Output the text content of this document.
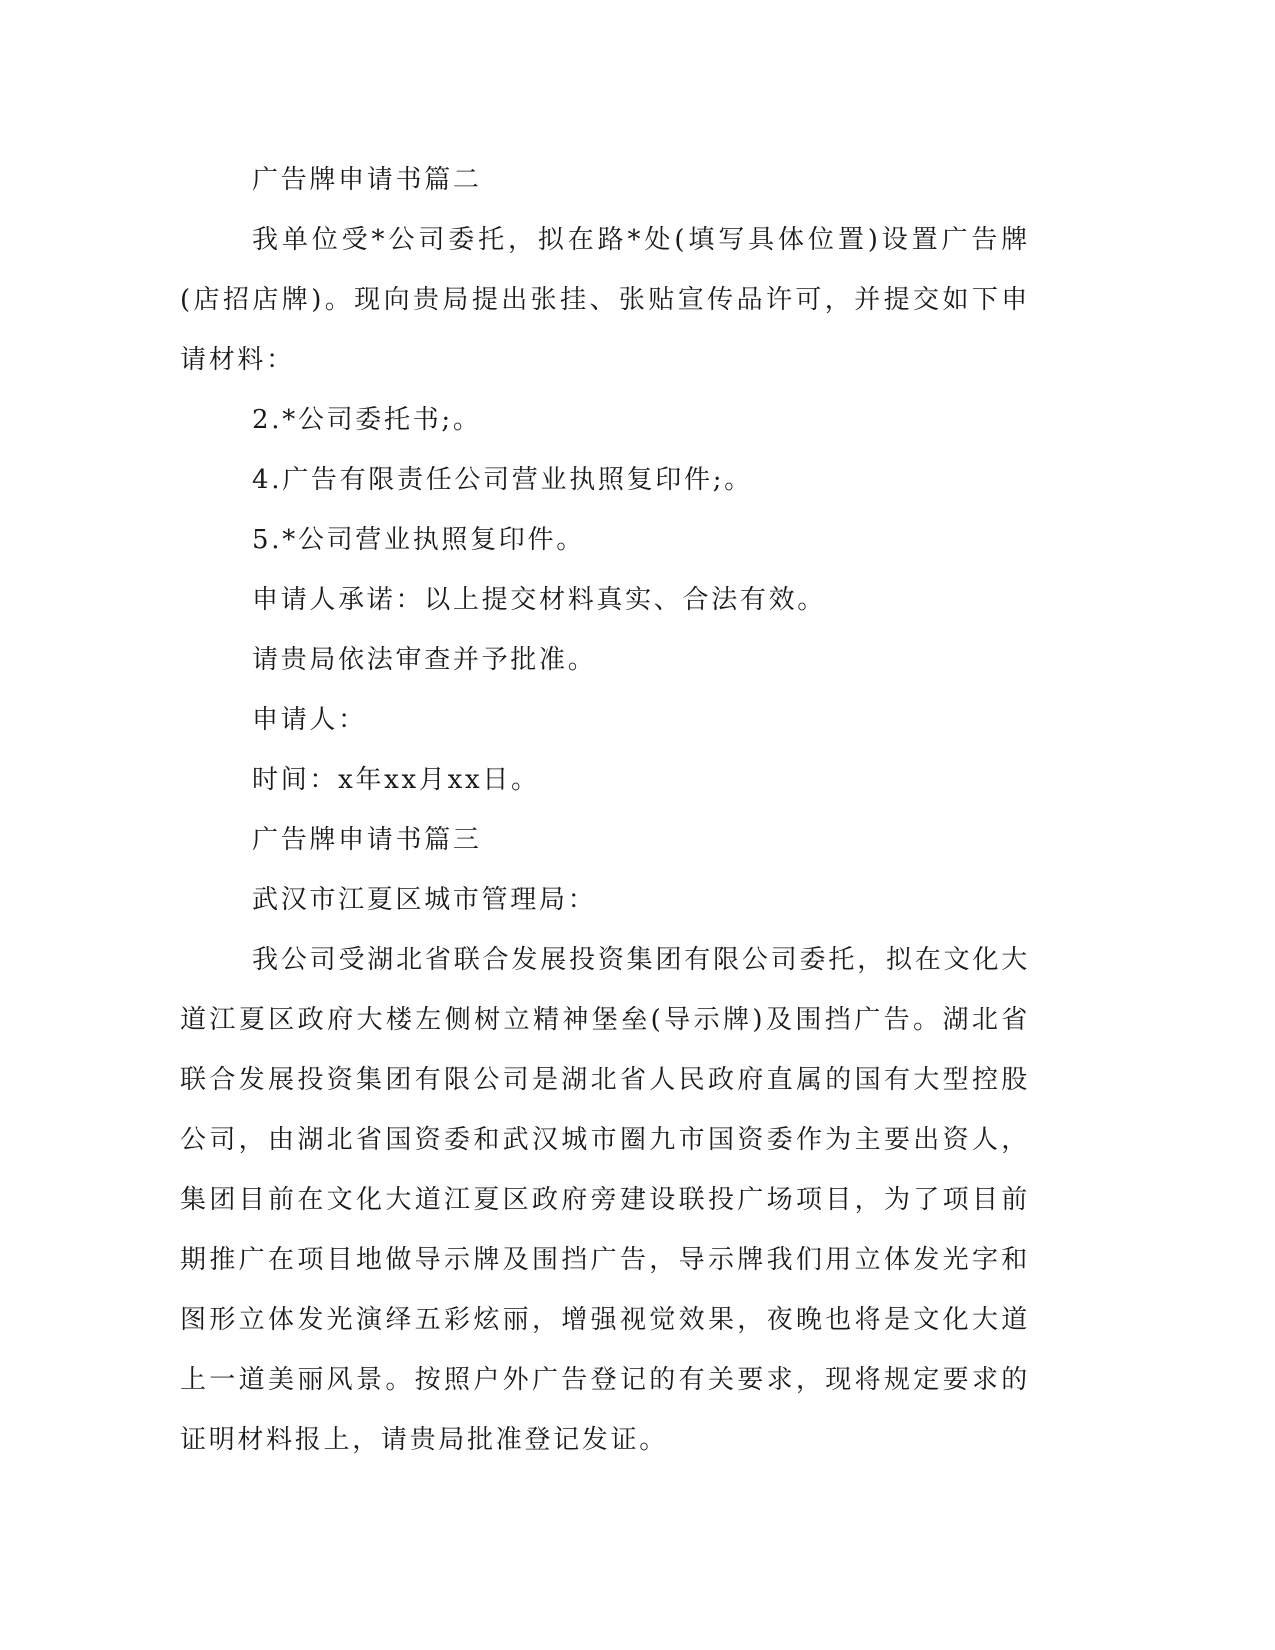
广告牌申请书篇二

我单位受*公司委托，拟在路*处(填写具体位置)设置广告牌(店招店牌)。现向贵局提出张挂、张贴宣传品许可，并提交如下申请材料：

2.*公司委托书;。

4.广告有限责任公司营业执照复印件;。

5.*公司营业执照复印件。

申请人承诺：以上提交材料真实、合法有效。

请贵局依法审查并予批准。

申请人：

时间：x年xx月xx日。

广告牌申请书篇三

武汉市江夏区城市管理局：

我公司受湖北省联合发展投资集团有限公司委托，拟在文化大道江夏区政府大楼左侧树立精神堡垒(导示牌)及围挡广告。湖北省联合发展投资集团有限公司是湖北省人民政府直属的国有大型控股公司，由湖北省国资委和武汉城市圈九市国资委作为主要出资人，集团目前在文化大道江夏区政府旁建设联投广场项目，为了项目前期推广在项目地做导示牌及围挡广告，导示牌我们用立体发光字和图形立体发光演绎五彩炫丽，增强视觉效果，夜晚也将是文化大道上一道美丽风景。按照户外广告登记的有关要求，现将规定要求的证明材料报上，请贵局批准登记发证。
